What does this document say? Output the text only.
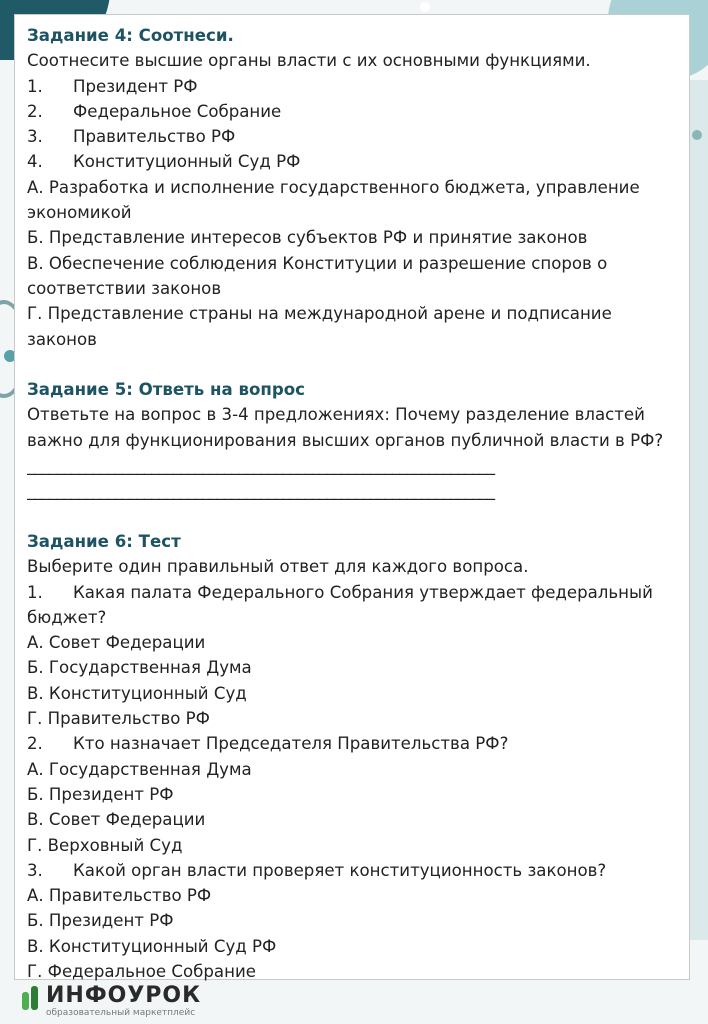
Задание 4: Соотнеси.
Соотнесите высшие органы власти с их основными функциями.
1. Президент РФ
2. Федеральное Собрание
3. Правительство РФ
4. Конституционный Суд РФ
А. Разработка и исполнение государственного бюджета, управление
экономикой
Б. Представление интересов субъектов РФ и принятие законов
В. Обеспечение соблюдения Конституции и разрешение споров о
соответствии законов
Г. Представление страны на международной арене и подписание
законов
Задание 5: Ответь на вопрос
Ответьте на вопрос в 3-4 предложениях: Почему разделение властей
важно для функционирования высших органов публичной власти в РФ?
________________________________________________________________
________________________________________________________________
Задание 6: Тест
Выберите один правильный ответ для каждого вопроса.
1. Какая палата Федерального Собрания утверждает федеральный
бюджет?
А. Совет Федерации
Б. Государственная Дума
В. Конституционный Суд
Г. Правительство РФ
2. Кто назначает Председателя Правительства РФ?
А. Государственная Дума
Б. Президент РФ
В. Совет Федерации
Г. Верховный Суд
3. Какой орган власти проверяет конституционность законов?
А. Правительство РФ
Б. Президент РФ
В. Конституционный Суд РФ
Г. Федеральное Собрание
ИНФОУРОК
образовательный маркетплейс
